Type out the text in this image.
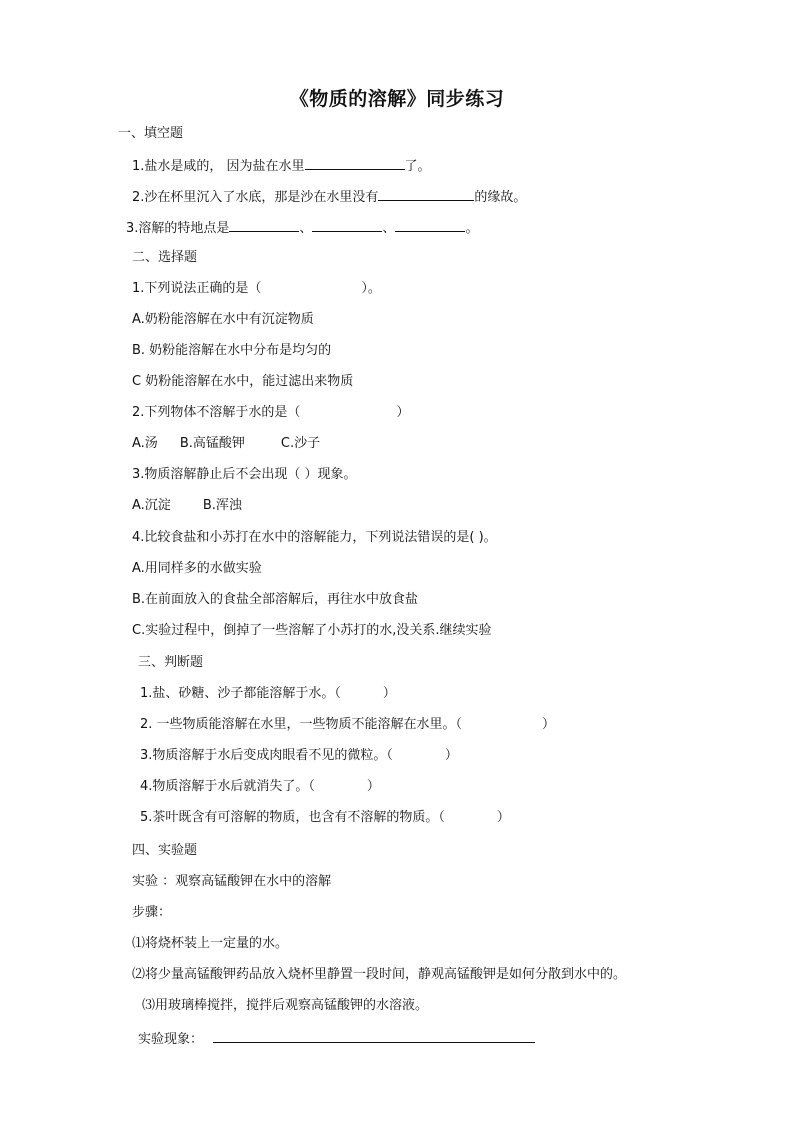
《物质的溶解》同步练习
一、填空题
1.盐水是咸的， 因为盐在水里	了。
2.沙在杯里沉入了水底，那是沙在水里没有	的缘故。
3.溶解的特地点是	、	、	。
二、选择题
1.下列说法正确的是（	）。
A.奶粉能溶解在水中有沉淀物质
B. 奶粉能溶解在水中分布是均匀的
C 奶粉能溶解在水中，能过滤出来物质
2.下列物体不溶解于水的是（	）
A.汤 B.高锰酸钾	C.沙子
3.物质溶解静止后不会出现（ ）现象。
A.沉淀 B.浑浊
4.比较食盐和小苏打在水中的溶解能力，下列说法错误的是( )。
A.用同样多的水做实验
B.在前面放入的食盐全部溶解后，再往水中放食盐
C.实验过程中，倒掉了一些溶解了小苏打的水,没关系.继续实验
三、判断题
1.盐、砂糖、沙子都能溶解于水。（	）
2. 一些物质能溶解在水里，一些物质不能溶解在水里。（	）
3.物质溶解于水后变成肉眼看不见的微粒。（	）
4.物质溶解于水后就消失了。（	）
5.茶叶既含有可溶解的物质，也含有不溶解的物质。（	）
四、实验题
实验 ：观察高锰酸钾在水中的溶解
步骤：
⑴将烧杯装上一定量的水。
⑵将少量高锰酸钾药品放入烧杯里静置一段时间，静观高锰酸钾是如何分散到水中的。
⑶用玻璃棒搅拌，搅拌后观察高锰酸钾的水溶液。
实验现象：
